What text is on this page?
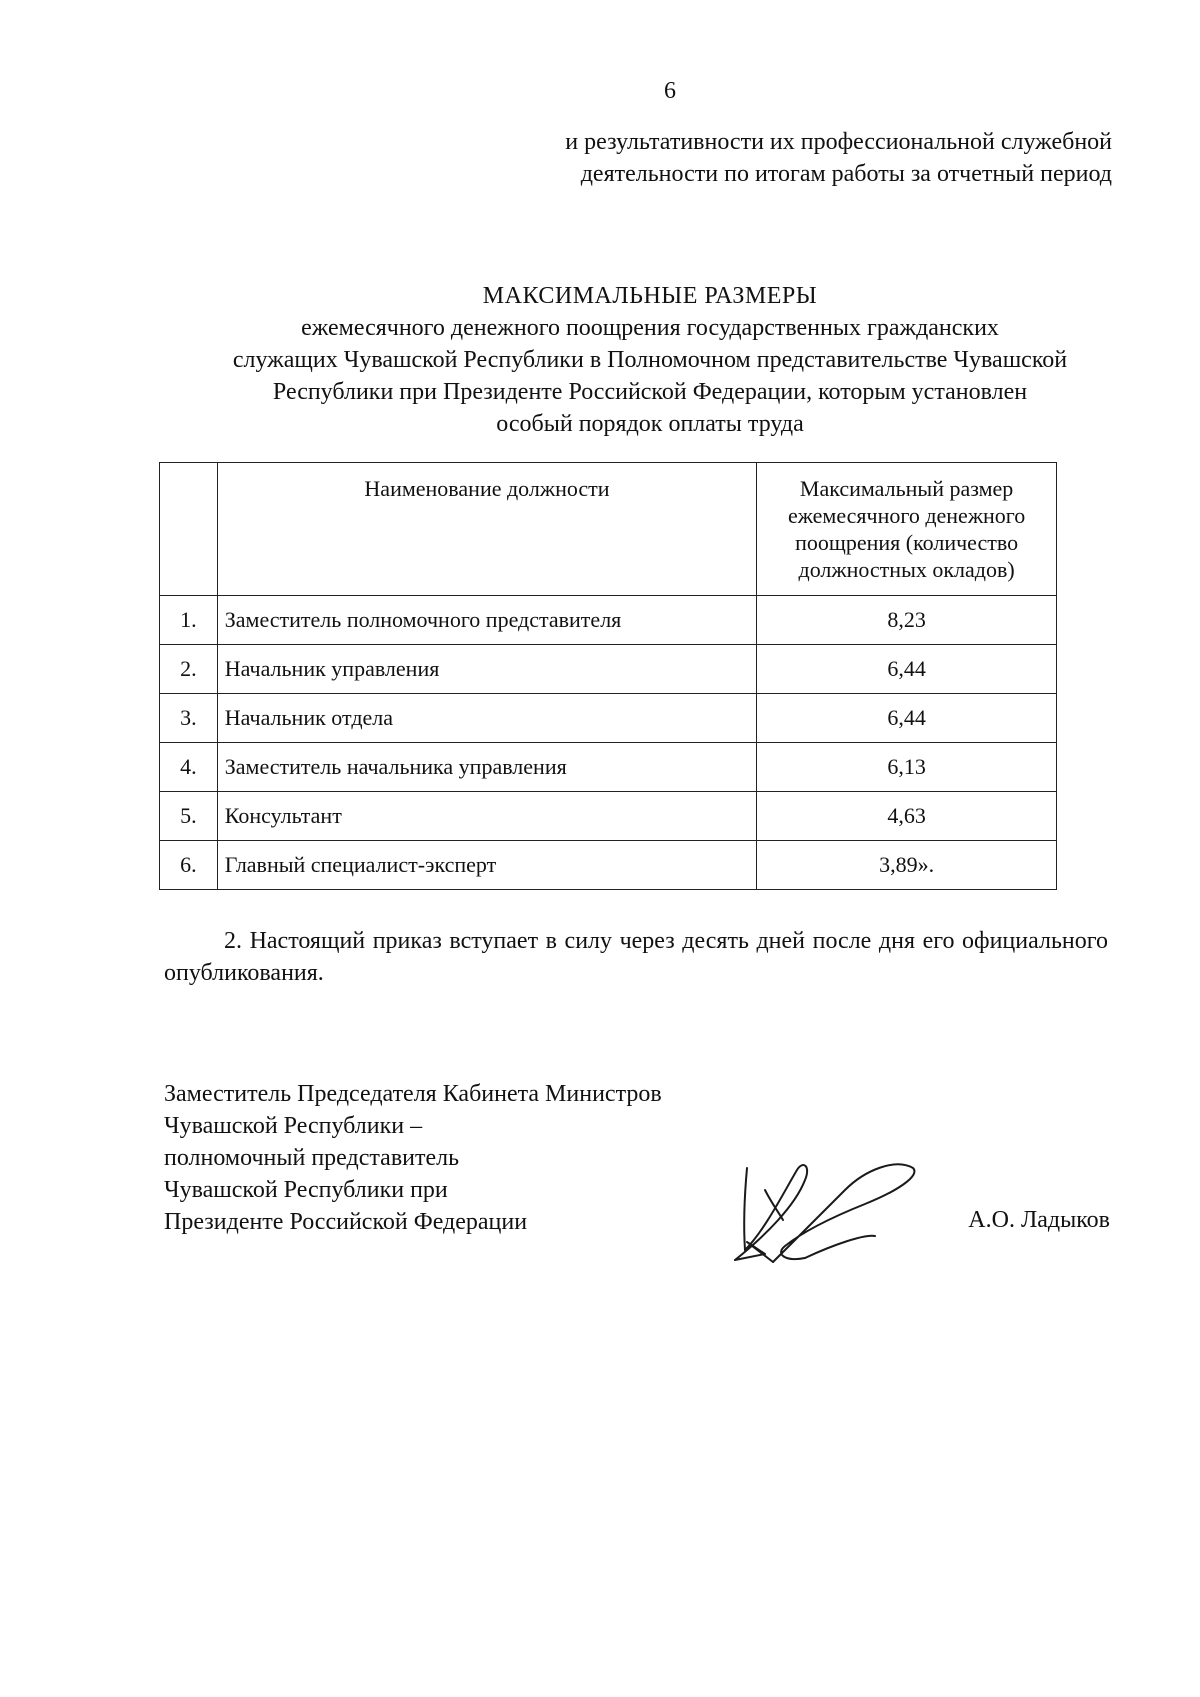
6
и результативности их профессиональной служебной
деятельности по итогам работы за отчетный период
МАКСИМАЛЬНЫЕ РАЗМЕРЫ
ежемесячного денежного поощрения государственных гражданских
служащих Чувашской Республики в Полномочном представительстве Чувашской
Республики при Президенте Российской Федерации, которым установлен
особый порядок оплаты труда
	Наименование должности	Максимальный размер
ежемесячного денежного
поощрения (количество
должностных окладов)

1.	Заместитель полномочного представителя	8,23
2.	Начальник управления	6,44
3.	Начальник отдела	6,44
4.	Заместитель начальника управления	6,13
5.	Консультант	4,63
6.	Главный специалист-эксперт	3,89».
2. Настоящий приказ вступает в силу через десять дней после дня его официального опубликования.
Заместитель Председателя Кабинета Министров
Чувашской Республики –
полномочный представитель
Чувашской Республики при
Президенте Российской Федерации	А.О. Ладыков
